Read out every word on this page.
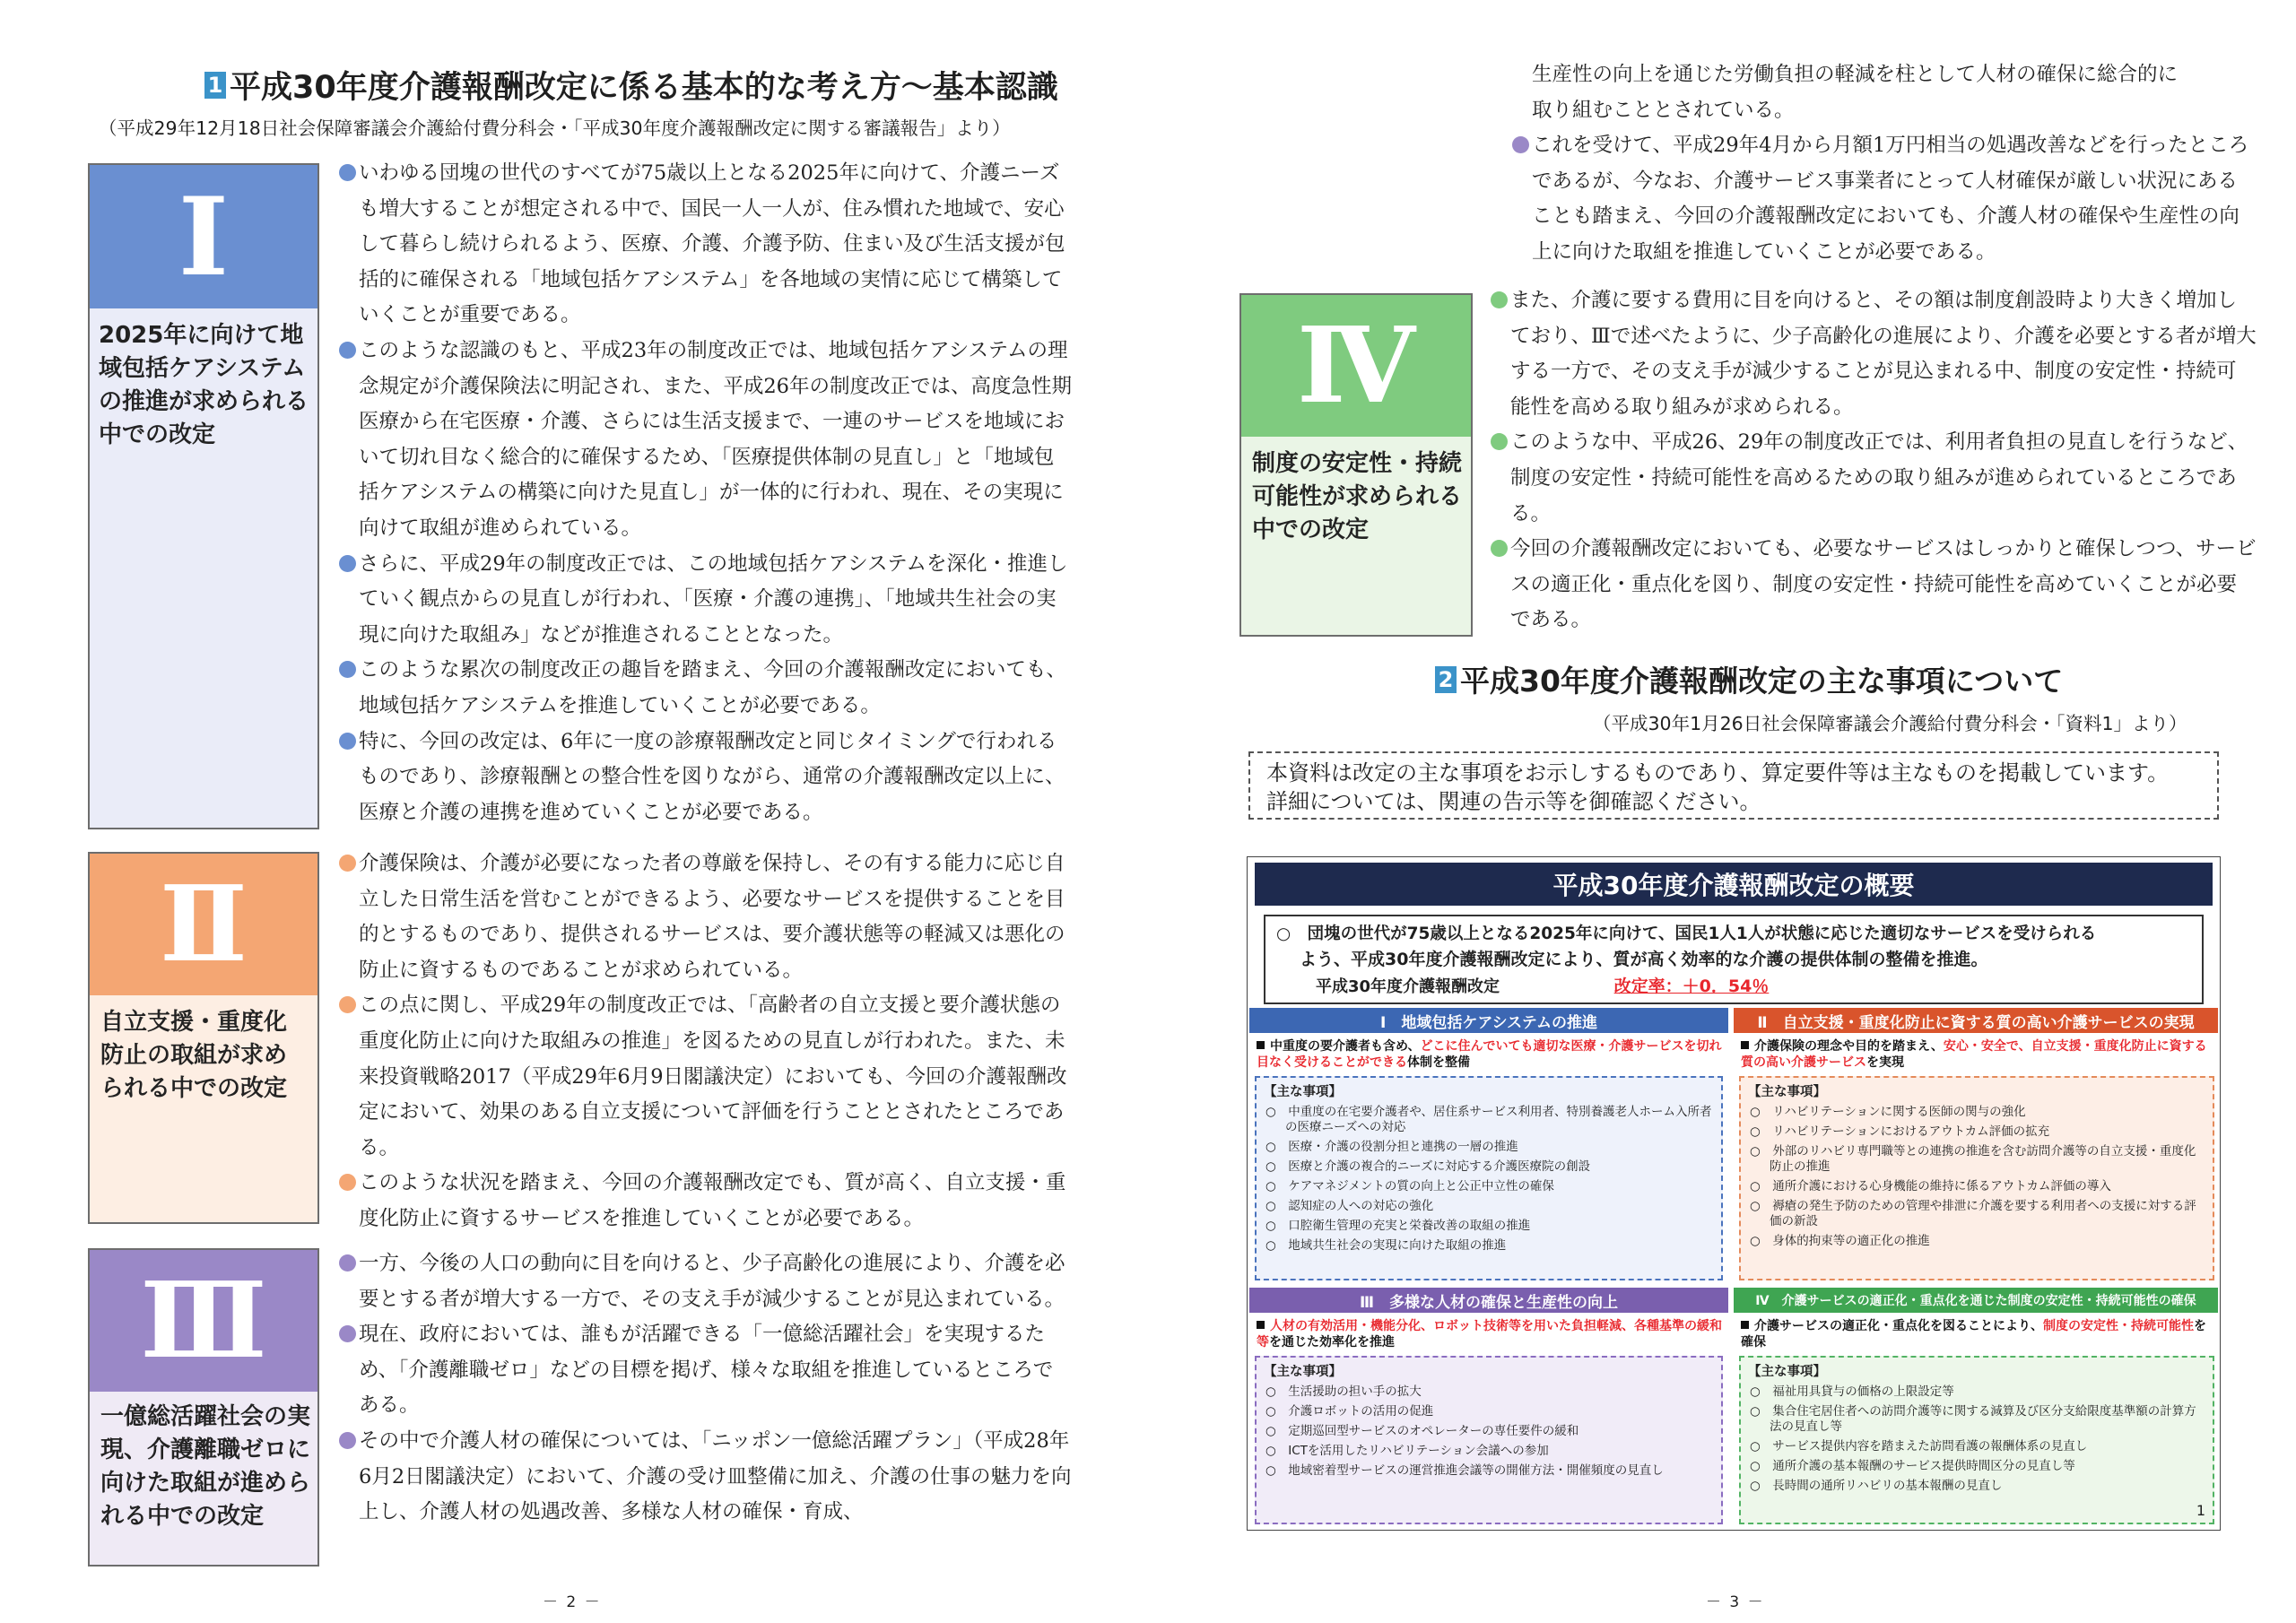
1 平成30年度介護報酬改定に係る基本的な考え方～基本認識
（平成29年12月18日社会保障審議会介護給付費分科会・「平成30年度介護報酬改定に関する審議報告」より）
Ⅰ
2025年に向けて地域包括ケアシステムの推進が求められる中での改定
Ⅱ
自立支援・重度化防止の取組が求められる中での改定
Ⅲ
一億総活躍社会の実現、介護離職ゼロに向けた取組が進められる中での改定

いわゆる団塊の世代のすべてが75歳以上となる2025年に向けて、介護ニーズも増大することが想定される中で、国民一人一人が、住み慣れた地域で、安心して暮らし続けられるよう、医療、介護、介護予防、住まい及び生活支援が包括的に確保される「地域包括ケアシステム」を各地域の実情に応じて構築していくことが重要である。

このような認識のもと、平成23年の制度改正では、地域包括ケアシステムの理念規定が介護保険法に明記され、また、平成26年の制度改正では、高度急性期医療から在宅医療・介護、さらには生活支援まで、一連のサービスを地域において切れ目なく総合的に確保するため、「医療提供体制の見直し」と「地域包括ケアシステムの構築に向けた見直し」が一体的に行われ、現在、その実現に向けて取組が進められている。

さらに、平成29年の制度改正では、この地域包括ケアシステムを深化・推進していく観点からの見直しが行われ、「医療・介護の連携」、「地域共生社会の実現に向けた取組み」などが推進されることとなった。

このような累次の制度改正の趣旨を踏まえ、今回の介護報酬改定においても、地域包括ケアシステムを推進していくことが必要である。

特に、今回の改定は、6年に一度の診療報酬改定と同じタイミングで行われるものであり、診療報酬との整合性を図りながら、通常の介護報酬改定以上に、医療と介護の連携を進めていくことが必要である。

介護保険は、介護が必要になった者の尊厳を保持し、その有する能力に応じ自立した日常生活を営むことができるよう、必要なサービスを提供することを目的とするものであり、提供されるサービスは、要介護状態等の軽減又は悪化の防止に資するものであることが求められている。

この点に関し、平成29年の制度改正では、「高齢者の自立支援と要介護状態の重度化防止に向けた取組みの推進」を図るための見直しが行われた。また、未来投資戦略2017（平成29年6月9日閣議決定）においても、今回の介護報酬改定において、効果のある自立支援について評価を行うこととされたところである。

このような状況を踏まえ、今回の介護報酬改定でも、質が高く、自立支援・重度化防止に資するサービスを推進していくことが必要である。

一方、今後の人口の動向に目を向けると、少子高齢化の進展により、介護を必要とする者が増大する一方で、その支え手が減少することが見込まれている。

現在、政府においては、誰もが活躍できる「一億総活躍社会」を実現するため、「介護離職ゼロ」などの目標を掲げ、様々な取組を推進しているところである。

その中で介護人材の確保については、「ニッポン一億総活躍プラン」（平成28年6月2日閣議決定）において、介護の受け皿整備に加え、介護の仕事の魅力を向上し、介護人材の処遇改善、多様な人材の確保・育成、

－ 2 －

生産性の向上を通じた労働負担の軽減を柱として人材の確保に総合的に
取り組むこととされている。

これを受けて、平成29年4月から月額1万円相当の処遇改善などを行ったところであるが、今なお、介護サービス事業者にとって人材確保が厳しい状況にあることも踏まえ、今回の介護報酬改定においても、介護人材の確保や生産性の向上に向けた取組を推進していくことが必要である。

Ⅳ
制度の安定性・持続可能性が求められる中での改定

また、介護に要する費用に目を向けると、その額は制度創設時より大きく増加しており、Ⅲで述べたように、少子高齢化の進展により、介護を必要とする者が増大する一方で、その支え手が減少することが見込まれる中、制度の安定性・持続可能性を高める取り組みが求められる。

このような中、平成26、29年の制度改正では、利用者負担の見直しを行うなど、制度の安定性・持続可能性を高めるための取り組みが進められているところである。

今回の介護報酬改定においても、必要なサービスはしっかりと確保しつつ、サービスの適正化・重点化を図り、制度の安定性・持続可能性を高めていくことが必要である。

2 平成30年度介護報酬改定の主な事項について
（平成30年1月26日社会保障審議会介護給付費分科会・「資料1」より）
本資料は改定の主な事項をお示しするものであり、算定要件等は主なものを掲載しています。
詳細については、関連の告示等を御確認ください。
平成30年度介護報酬改定の概要
○　団塊の世代が75歳以上となる2025年に向けて、国民1人1人が状態に応じた適切なサービスを受けられる
よう、平成30年度介護報酬改定により、質が高く効率的な介護の提供体制の整備を推進。
平成30年度介護報酬改定	改定率：＋0．54％
Ⅰ　地域包括ケアシステムの推進
中重度の要介護者も含め、どこに住んでいても適切な医療・介護サービスを切れ目なく受けることができる体制を整備
【主な事項】
○　中重度の在宅要介護者や、居住系サービス利用者、特別養護老人ホーム入所者の医療ニーズへの対応
○　医療・介護の役割分担と連携の一層の推進
○　医療と介護の複合的ニーズに対応する介護医療院の創設
○　ケアマネジメントの質の向上と公正中立性の確保
○　認知症の人への対応の強化
○　口腔衛生管理の充実と栄養改善の取組の推進
○　地域共生社会の実現に向けた取組の推進
Ⅱ　自立支援・重度化防止に資する質の高い介護サービスの実現
介護保険の理念や目的を踏まえ、安心・安全で、自立支援・重度化防止に資する質の高い介護サービスを実現
【主な事項】
○　リハビリテーションに関する医師の関与の強化
○　リハビリテーションにおけるアウトカム評価の拡充
○　外部のリハビリ専門職等との連携の推進を含む訪問介護等の自立支援・重度化防止の推進
○　通所介護における心身機能の維持に係るアウトカム評価の導入
○　褥瘡の発生予防のための管理や排泄に介護を要する利用者への支援に対する評価の新設
○　身体的拘束等の適正化の推進
Ⅲ　多様な人材の確保と生産性の向上
人材の有効活用・機能分化、ロボット技術等を用いた負担軽減、各種基準の緩和等を通じた効率化を推進
【主な事項】
○　生活援助の担い手の拡大
○　介護ロボットの活用の促進
○　定期巡回型サービスのオペレーターの専任要件の緩和
○　ICTを活用したリハビリテーション会議への参加
○　地域密着型サービスの運営推進会議等の開催方法・開催頻度の見直し
Ⅳ　介護サービスの適正化・重点化を通じた制度の安定性・持続可能性の確保
介護サービスの適正化・重点化を図ることにより、制度の安定性・持続可能性を確保
【主な事項】
○　福祉用具貸与の価格の上限設定等
○　集合住宅居住者への訪問介護等に関する減算及び区分支給限度基準額の計算方法の見直し等
○　サービス提供内容を踏まえた訪問看護の報酬体系の見直し
○　通所介護の基本報酬のサービス提供時間区分の見直し等
○　長時間の通所リハビリの基本報酬の見直し
1
－ 3 －
